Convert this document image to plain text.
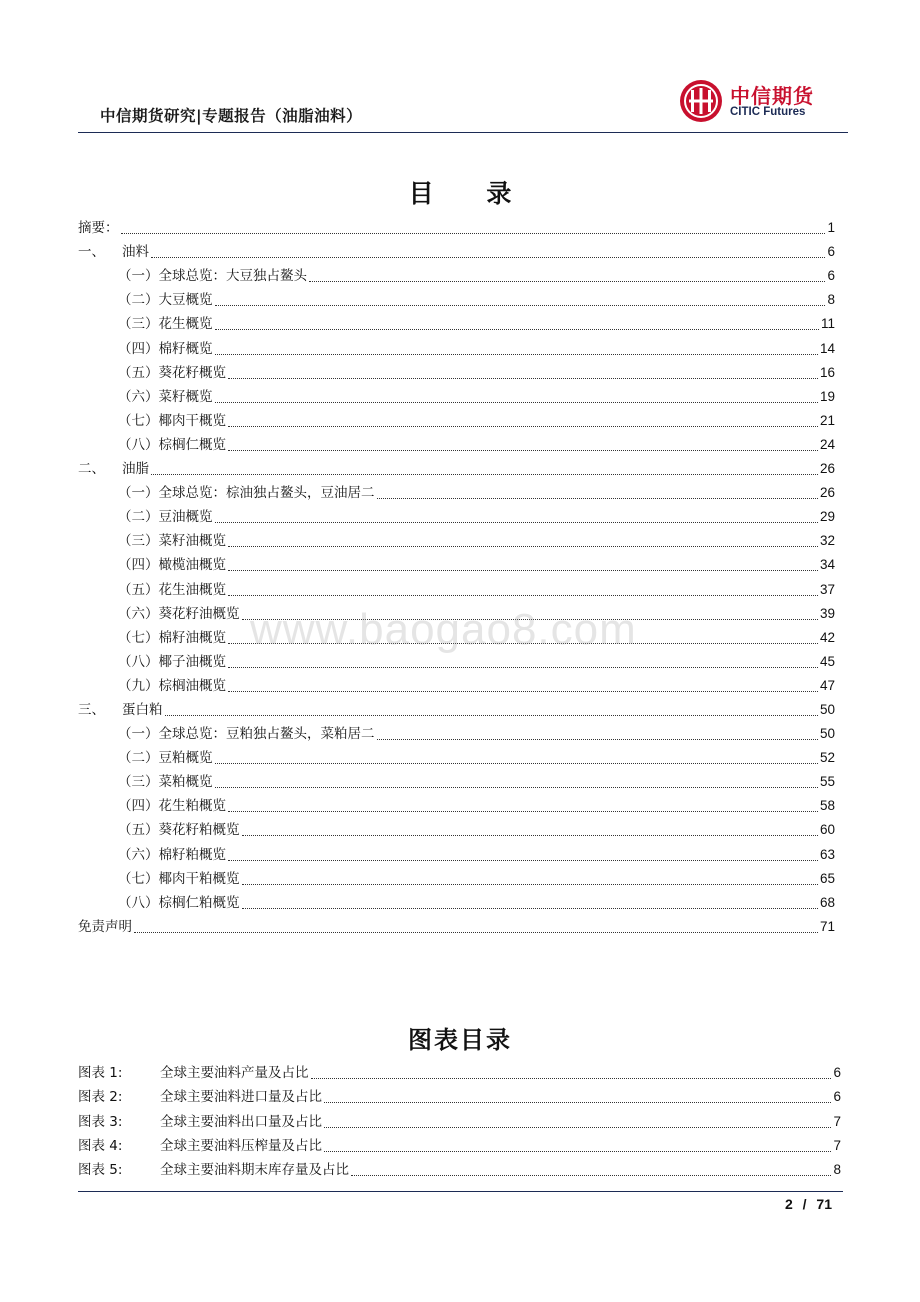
中信期货研究|专题报告（油脂油料）
中信期货
CITIC Futures
目 录
摘要：	1
一、	油料	6
（一）全球总览：大豆独占鳌头	6
（二）大豆概览	8
（三）花生概览	11
（四）棉籽概览	14
（五）葵花籽概览	16
（六）菜籽概览	19
（七）椰肉干概览	21
（八）棕榈仁概览	24
二、	油脂	26
（一）全球总览：棕油独占鳌头，豆油居二	26
（二）豆油概览	29
（三）菜籽油概览	32
（四）橄榄油概览	34
（五）花生油概览	37
（六）葵花籽油概览	39
（七）棉籽油概览	42
（八）椰子油概览	45
（九）棕榈油概览	47
三、	蛋白粕	50
（一）全球总览：豆粕独占鳌头，菜粕居二	50
（二）豆粕概览	52
（三）菜粕概览	55
（四）花生粕概览	58
（五）葵花籽粕概览	60
（六）棉籽粕概览	63
（七）椰肉干粕概览	65
（八）棕榈仁粕概览	68
免责声明	71
www.baogao8.com
图表目录
图表 1:	全球主要油料产量及占比	6
图表 2:	全球主要油料进口量及占比	6
图表 3:	全球主要油料出口量及占比	7
图表 4:	全球主要油料压榨量及占比	7
图表 5:	全球主要油料期末库存量及占比	8
2 / 71
